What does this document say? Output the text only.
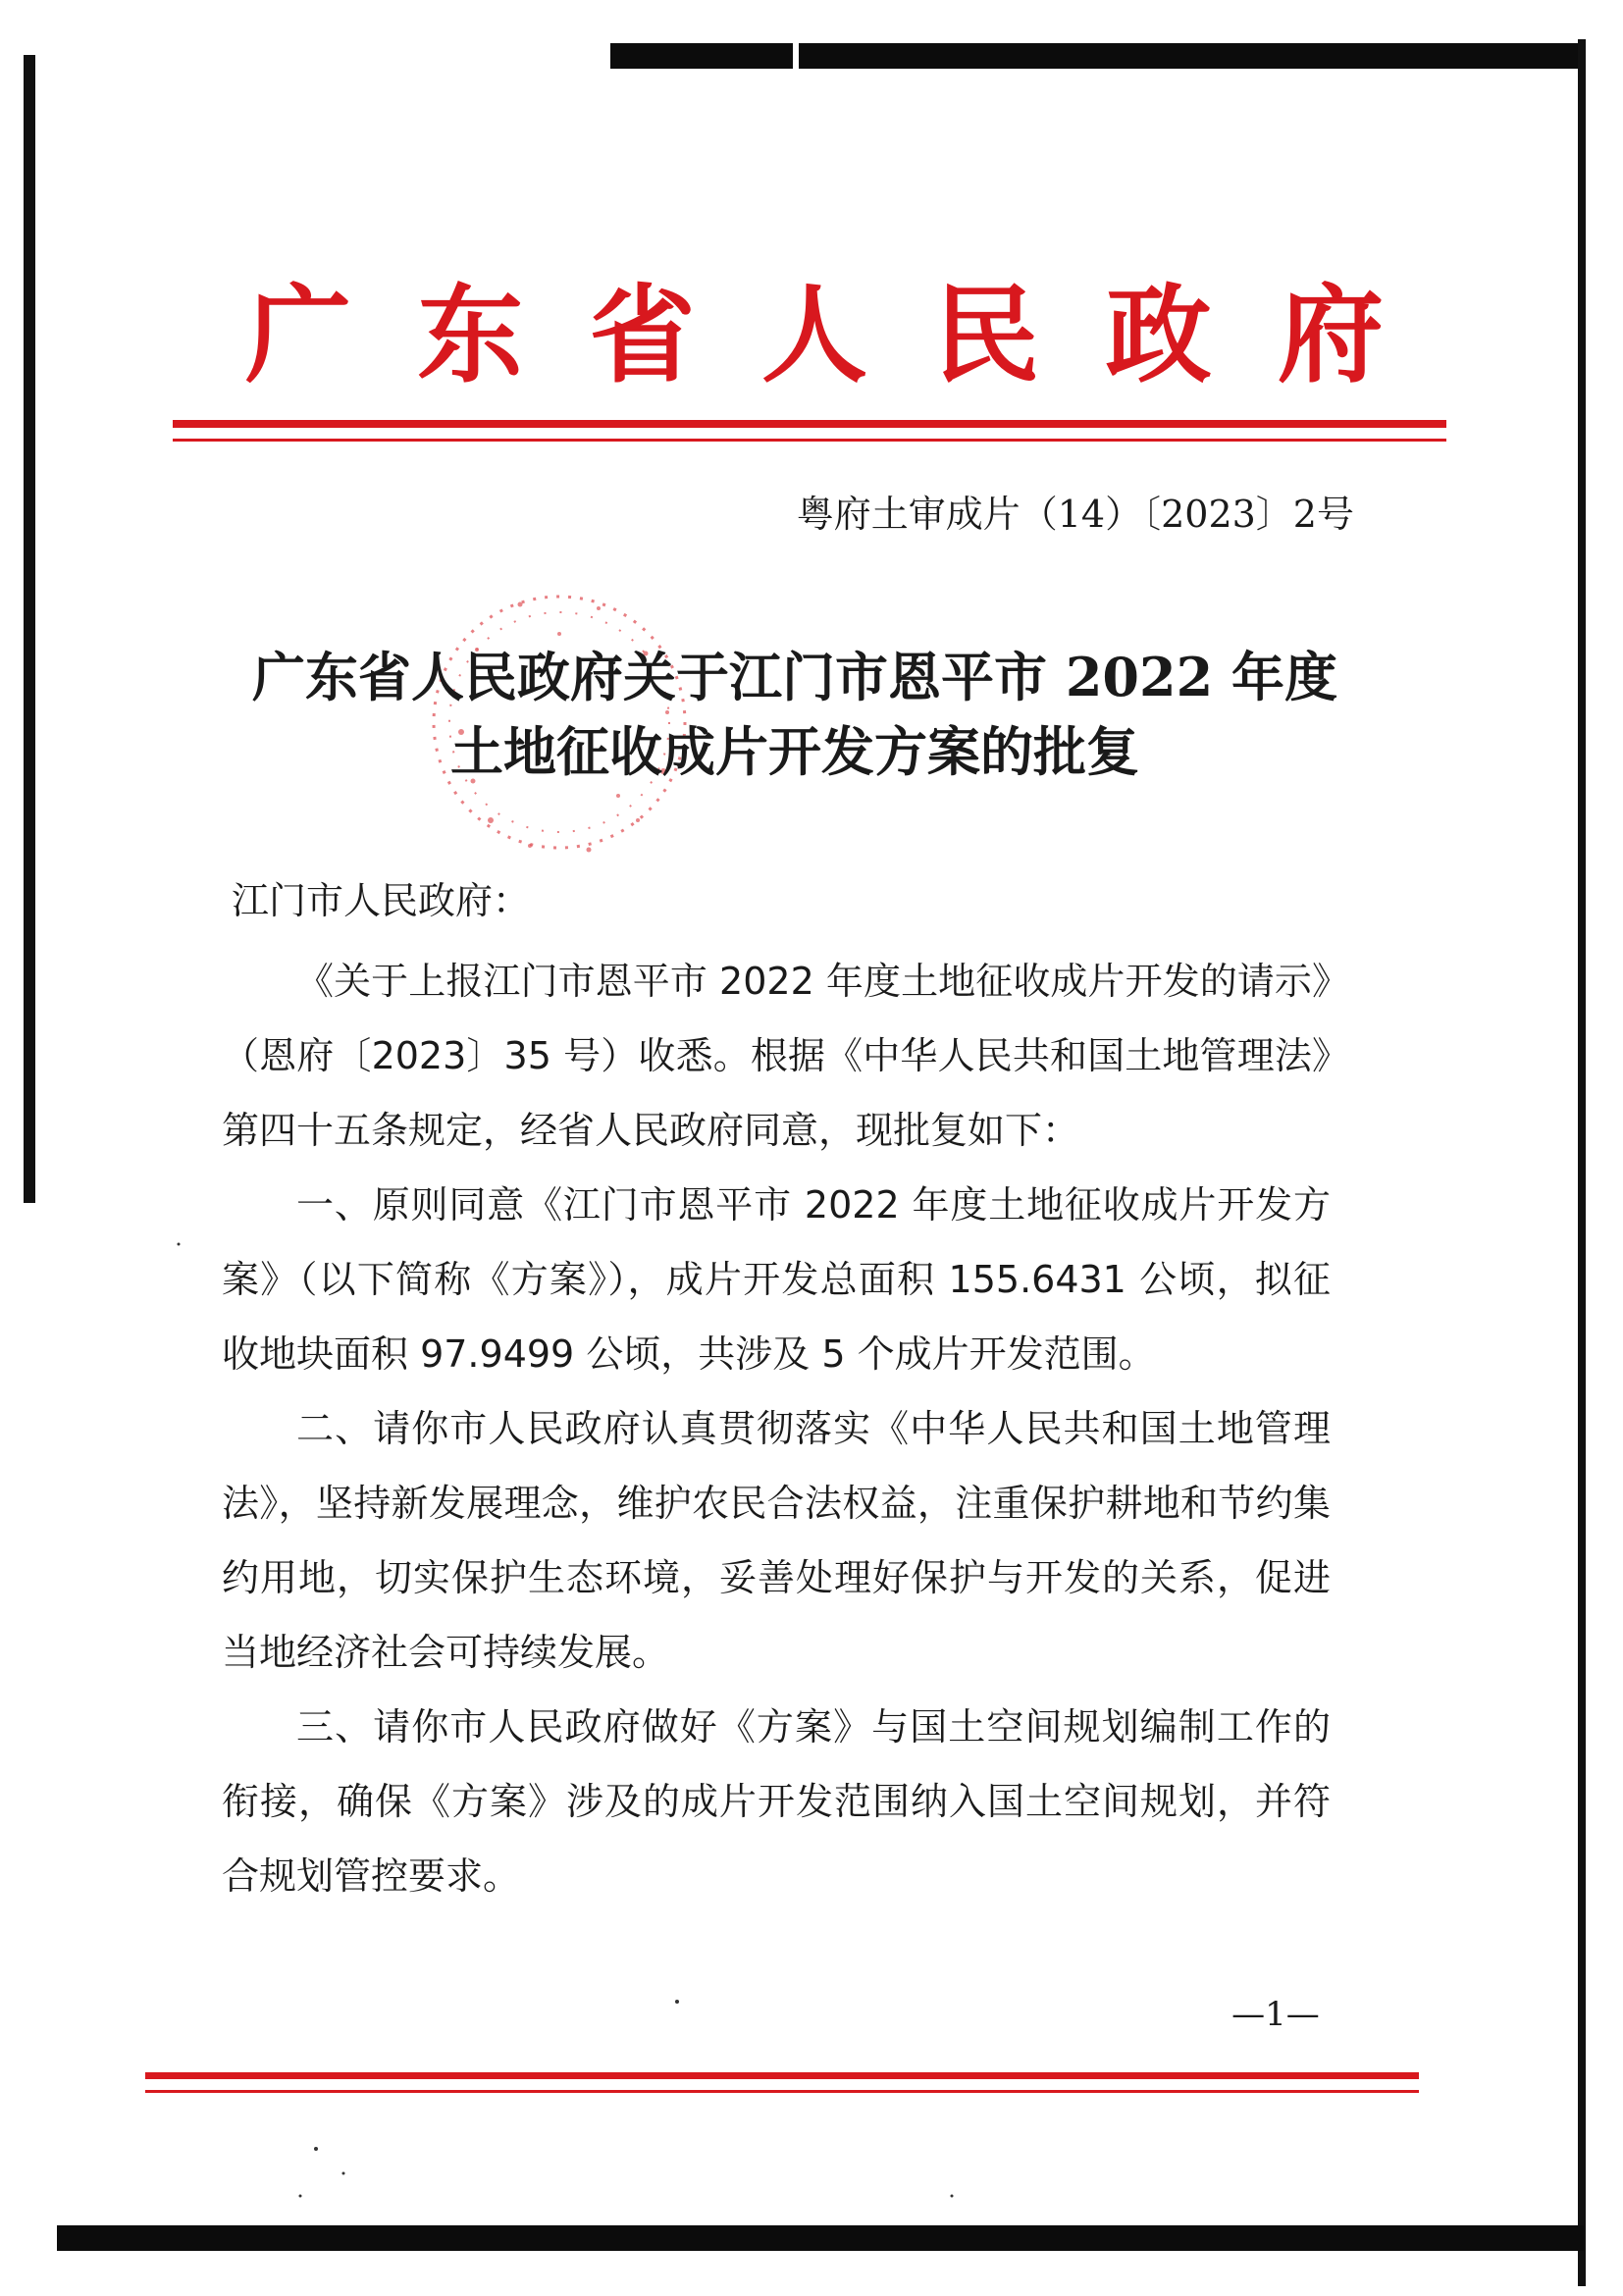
广 东 省 人 民 政 府
粤府土审成片（14）〔2023〕2号
广东省人民政府关于江门市恩平市 2022 年度
土地征收成片开发方案的批复

江门市人民政府：

《关于上报江门市恩平市 2022 年度土地征收成片开发的请示》（恩府〔2023〕35 号）收悉。根据《中华人民共和国土地管理法》第四十五条规定，经省人民政府同意，现批复如下：

一、原则同意《江门市恩平市 2022 年度土地征收成片开发方案》（以下简称《方案》），成片开发总面积 155.6431 公顷，拟征收地块面积 97.9499 公顷，共涉及 5 个成片开发范围。

二、请你市人民政府认真贯彻落实《中华人民共和国土地管理法》，坚持新发展理念，维护农民合法权益，注重保护耕地和节约集约用地，切实保护生态环境，妥善处理好保护与开发的关系，促进当地经济社会可持续发展。

三、请你市人民政府做好《方案》与国土空间规划编制工作的衔接，确保《方案》涉及的成片开发范围纳入国土空间规划，并符合规划管控要求。

—1—
